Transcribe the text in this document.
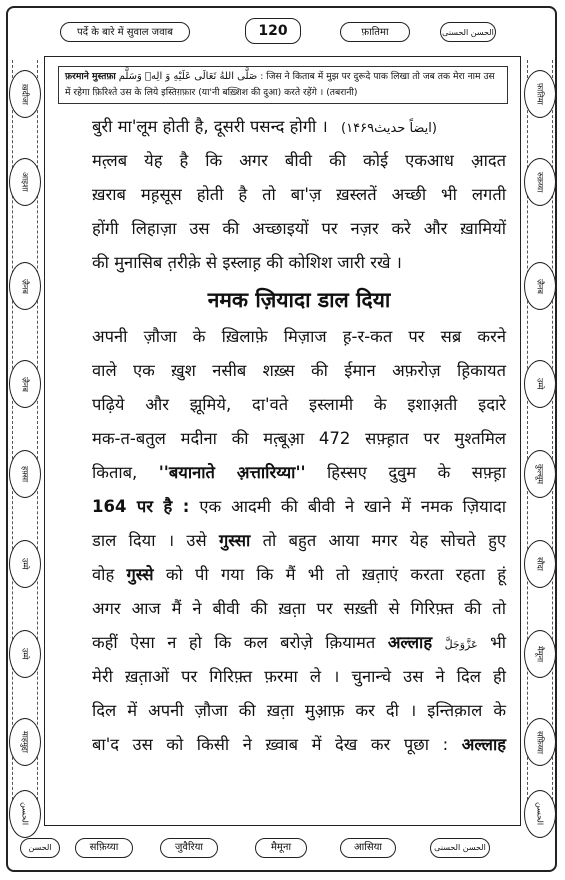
पर्दे के बारे में सुवाल जवाब	120	फ़ातिमा	الحسن الحسنی
ख़दीजा
आइशा
ज़ैनब
ज़ैनब
हफ़्सा
उम्मे
उम्मे
माहमुद्दा
الحسن
फ़ातिमा
रुक़य्या
ज़ैनब
उम्मे
कुल्सूम
सौदा
मैमूना
सफ़िय्या
الحسن
फ़रमाने मुस्तफ़ा صَلَّى اللهُ تَعَالَى عَلَيْهِ وَ الِهٖ وَسَلَّم : जिस ने किताब में मुझ पर दुरूदे पाक लिखा तो जब तक मेरा नाम उस
में रहेगा फ़िरिश्ते उस के लिये इस्तिग़फ़ार (या'नी बख़्शिश की दुआ) करते रहेंगे । (तबरानी)
बुरी मा'लूम होती है, दूसरी पसन्द होगी । (ایضاً حدیث۱۴۶۹)
मत़्लब येह है कि अगर बीवी की कोई एकआध आ़दत
ख़राब मह़सूस होती है तो बा'ज़ ख़स्लतें अच्छी भी लगती
होंगी लिहाज़ा उस की अच्छाइयों पर नज़र करे और ख़ामियों
की मुनासिब त़रीक़े से इस्लाह़ की कोशिश जारी रखे ।
नमक ज़ियादा डाल दिया
अपनी ज़ौजा के ख़िलाफ़े मिज़ाज ह़-र-कत पर सब्र करने
वाले एक ख़ुश नसीब शख़्स की ईमान अफ़रोज़ ह़िकायत
पढ़िये और झूमिये, दा'वते इस्लामी के इशाअ़ती इदारे
मक-त-बतुल मदीना की मत़्बूआ़ 472 सफ़्ह़ात पर मुश्तमिल
किताब, ''बयानाते अ़त्तारिय्या'' हिस्सए दुवुम के सफ़्ह़ा
164 पर है : एक आदमी की बीवी ने खाने में नमक ज़ियादा
डाल दिया । उसे गुस्सा तो बहुत आया मगर येह सोचते हुए
वोह गुस्से को पी गया कि मैं भी तो ख़त़ाएं करता रहता हूं
अगर आज मैं ने बीवी की ख़त़ा पर सख़्ती से गिरिफ़्त की तो
कहीं ऐसा न हो कि कल बरोज़े क़ियामत अल्लाह عَزَّوَجَلَّ भी
मेरी ख़त़ाओं पर गिरिफ़्त फ़रमा ले । चुनान्चे उस ने दिल ही
दिल में अपनी ज़ौजा की ख़त़ा मुआ़फ़ कर दी । इन्तिक़ाल के
बा'द उस को किसी ने ख़्वाब में देख कर पूछा : अल्लाह
الحسن	सफ़िय्या	जुवैरिया	मैमूना	आसिया	الحسن الحسنی
